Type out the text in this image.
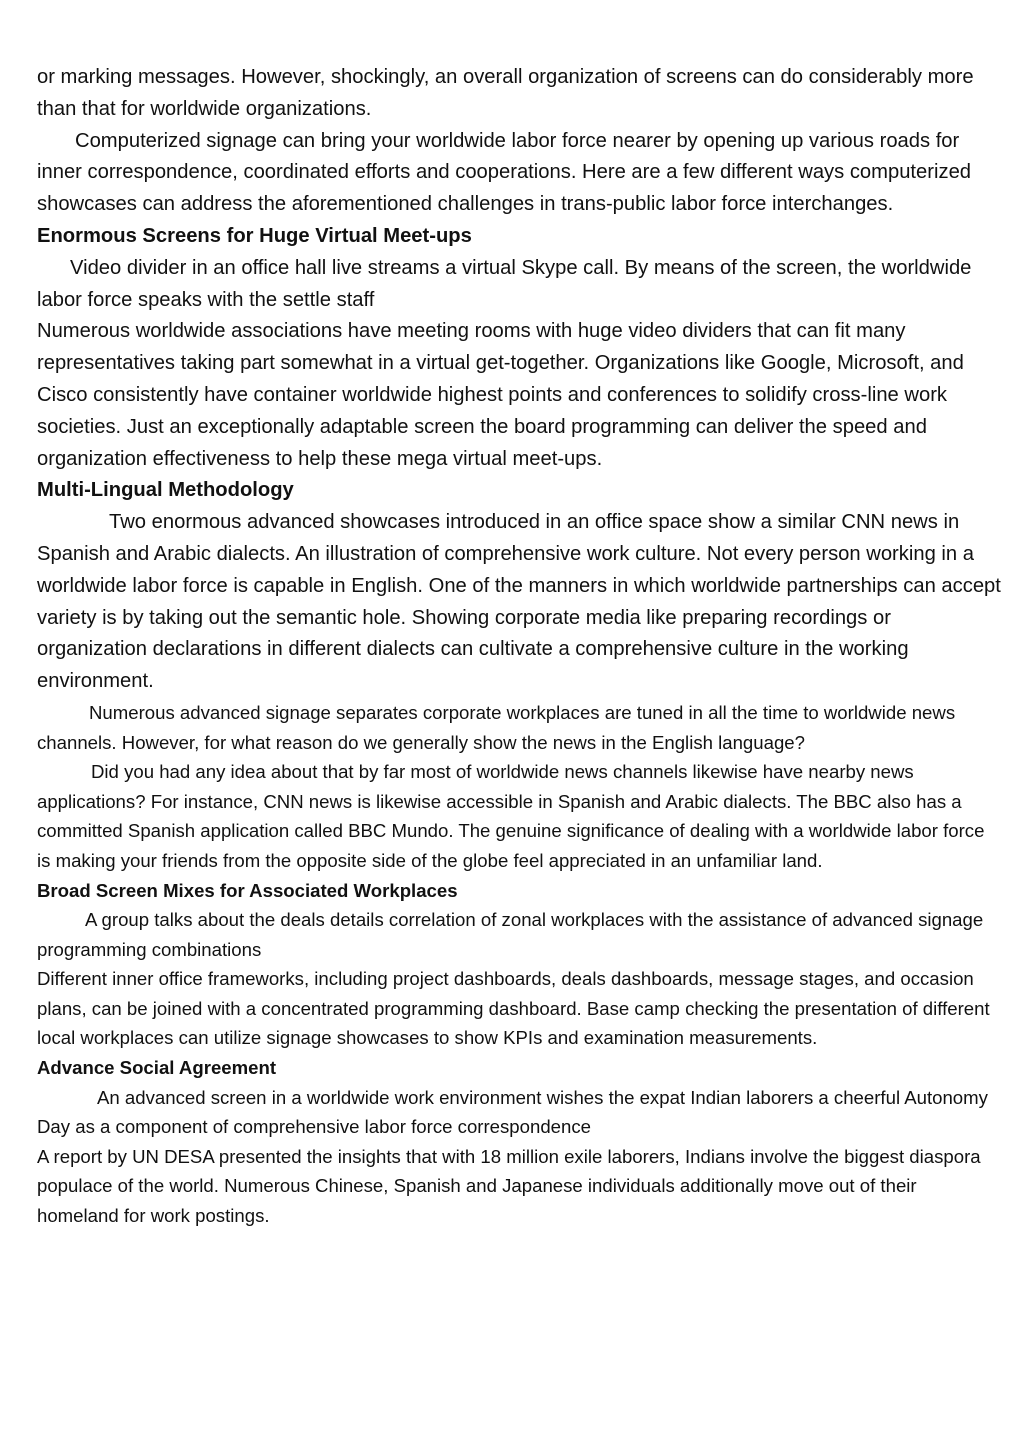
or marking messages. However, shockingly, an overall organization of screens can do considerably more than that for worldwide organizations.

Computerized signage can bring your worldwide labor force nearer by opening up various roads for inner correspondence, coordinated efforts and cooperations. Here are a few different ways computerized showcases can address the aforementioned challenges in trans-public labor force interchanges.

Enormous Screens for Huge Virtual Meet-ups

Video divider in an office hall live streams a virtual Skype call. By means of the screen, the worldwide labor force speaks with the settle staff

Numerous worldwide associations have meeting rooms with huge video dividers that can fit many representatives taking part somewhat in a virtual get-together. Organizations like Google, Microsoft, and Cisco consistently have container worldwide highest points and conferences to solidify cross-line work societies. Just an exceptionally adaptable screen the board programming can deliver the speed and organization effectiveness to help these mega virtual meet-ups.

Multi-Lingual Methodology

Two enormous advanced showcases introduced in an office space show a similar CNN news in Spanish and Arabic dialects. An illustration of comprehensive work culture. Not every person working in a worldwide labor force is capable in English. One of the manners in which worldwide partnerships can accept variety is by taking out the semantic hole. Showing corporate media like preparing recordings or organization declarations in different dialects can cultivate a comprehensive culture in the working environment.

Numerous advanced signage separates corporate workplaces are tuned in all the time to worldwide news channels. However, for what reason do we generally show the news in the English language?

Did you had any idea about that by far most of worldwide news channels likewise have nearby news applications? For instance, CNN news is likewise accessible in Spanish and Arabic dialects. The BBC also has a committed Spanish application called BBC Mundo. The genuine significance of dealing with a worldwide labor force is making your friends from the opposite side of the globe feel appreciated in an unfamiliar land.

Broad Screen Mixes for Associated Workplaces

A group talks about the deals details correlation of zonal workplaces with the assistance of advanced signage programming combinations

Different inner office frameworks, including project dashboards, deals dashboards, message stages, and occasion plans, can be joined with a concentrated programming dashboard. Base camp checking the presentation of different local workplaces can utilize signage showcases to show KPIs and examination measurements.

Advance Social Agreement

An advanced screen in a worldwide work environment wishes the expat Indian laborers a cheerful Autonomy Day as a component of comprehensive labor force correspondence

A report by UN DESA presented the insights that with 18 million exile laborers, Indians involve the biggest diaspora populace of the world. Numerous Chinese, Spanish and Japanese individuals additionally move out of their homeland for work postings.
